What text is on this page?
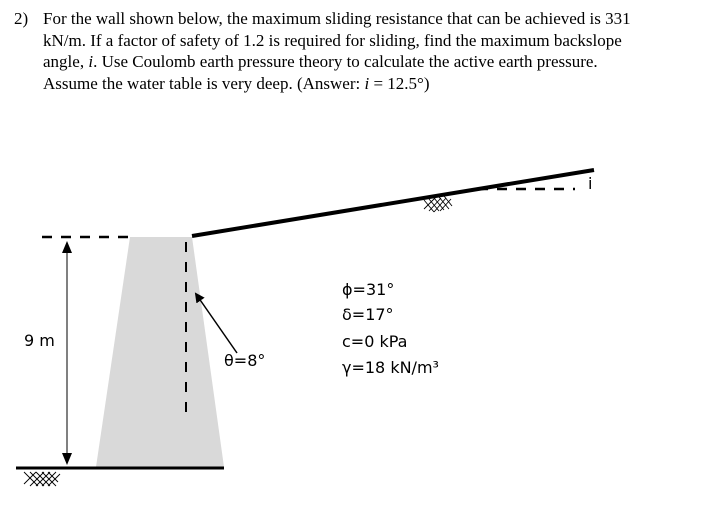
2) For the wall shown below, the maximum sliding resistance that can be achieved is 331
kN/m. If a factor of safety of 1.2 is required for sliding, find the maximum backslope
angle, i. Use Coulomb earth pressure theory to calculate the active earth pressure.
Assume the water table is very deep. (Answer: i = 12.5°)
9 m
i
θ=8°
ϕ=31°
δ=17°
c=0 kPa
γ=18 kN/m³
